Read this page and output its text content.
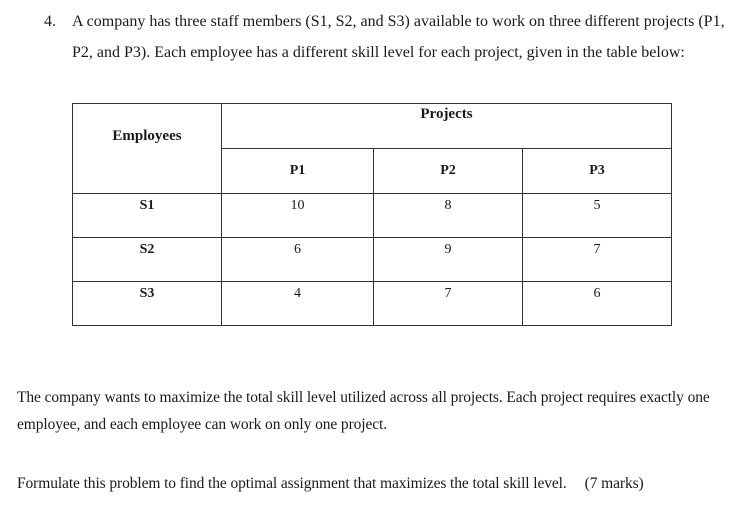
4. A company has three staff members (S1, S2, and S3) available to work on three different projects (P1, P2, and P3). Each employee has a different skill level for each project, given in the table below:
Employees	Projects		
	P1	P2	P3
S1	10	8	5
S2	6	9	7
S3	4	7	6
The company wants to maximize the total skill level utilized across all projects. Each project requires exactly one employee, and each employee can work on only one project.
Formulate this problem to find the optimal assignment that maximizes the total skill level. (7 marks)
